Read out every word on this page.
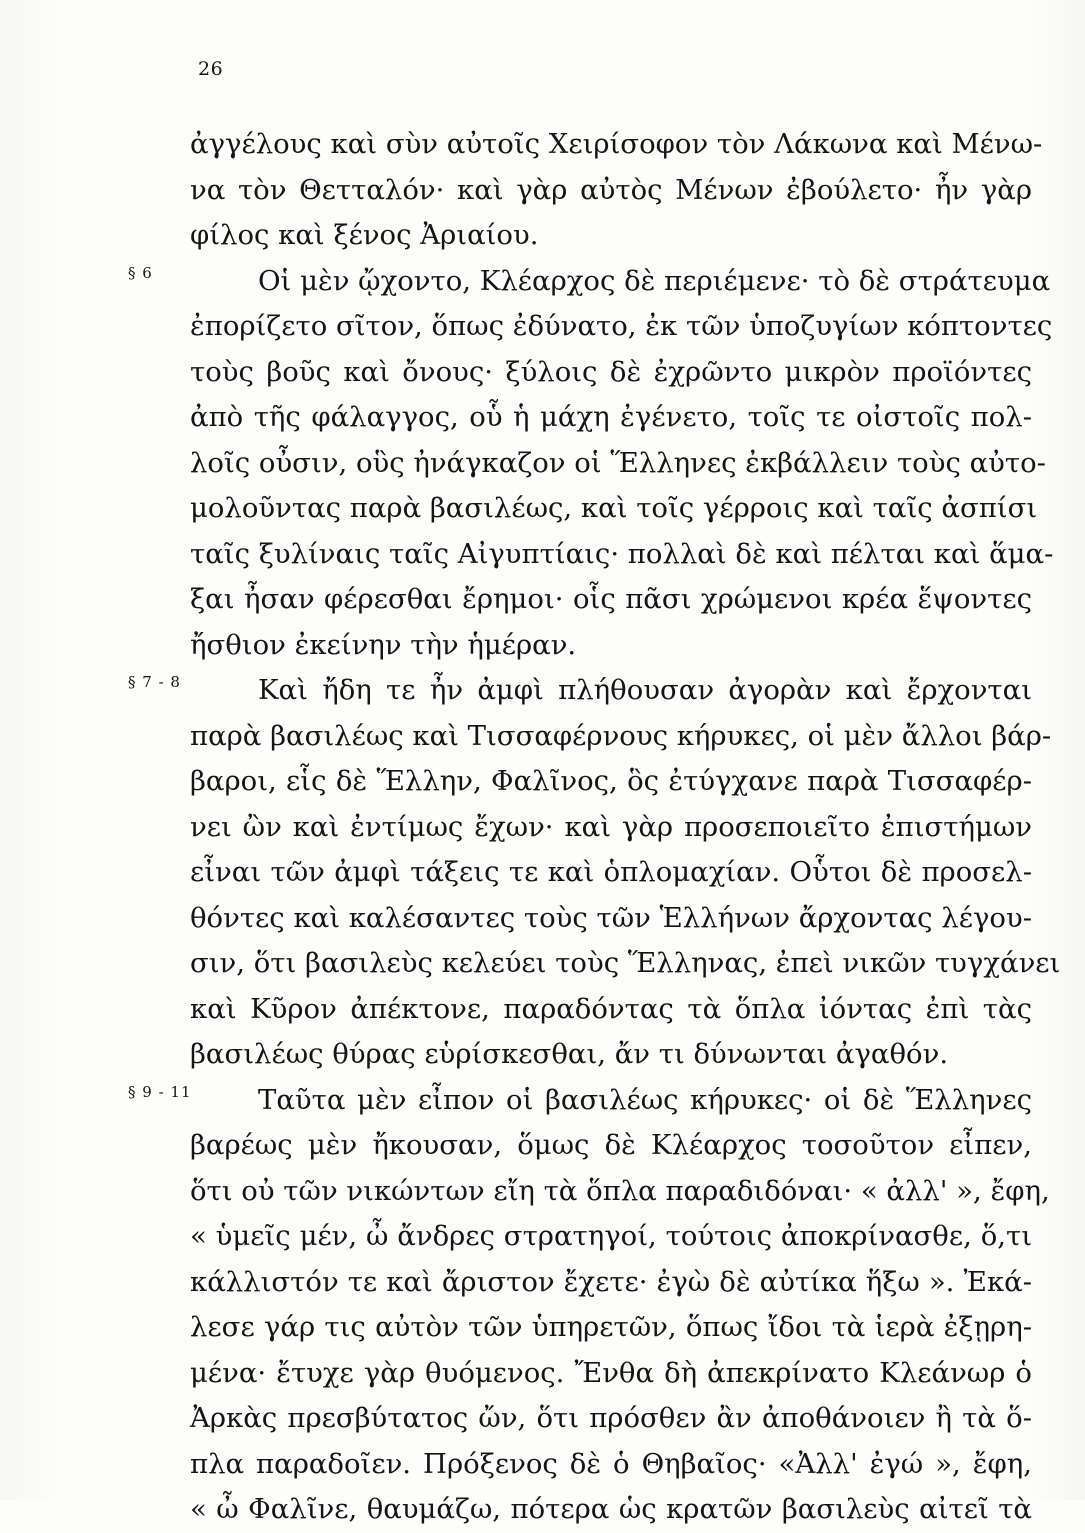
26
ἀγγέλους καὶ σὺν αὐτοῖς Χειρίσοφον τὸν Λάκωνα καὶ Μένω-
να τὸν Θετταλόν· καὶ γὰρ αὐτὸς Μένων ἐβούλετο· ἦν γὰρ
φίλος καὶ ξένος Ἀριαίου.
§ 6	Οἱ μὲν ᾤχοντο, Κλέαρχος δὲ περιέμενε· τὸ δὲ στράτευμα
ἐπορίζετο σῖτον, ὅπως ἐδύνατο, ἐκ τῶν ὑποζυγίων κόπτοντες
τοὺς βοῦς καὶ ὄνους· ξύλοις δὲ ἐχρῶντο μικρὸν προϊόντες
ἀπὸ τῆς φάλαγγος, οὗ ἡ μάχη ἐγένετο, τοῖς τε οἰστοῖς πολ-
λοῖς οὖσιν, οὓς ἠνάγκαζον οἱ Ἕλληνες ἐκβάλλειν τοὺς αὐτο-
μολοῦντας παρὰ βασιλέως, καὶ τοῖς γέρροις καὶ ταῖς ἀσπίσι
ταῖς ξυλίναις ταῖς Αἰγυπτίαις· πολλαὶ δὲ καὶ πέλται καὶ ἅμα-
ξαι ἦσαν φέρεσθαι ἔρημοι· οἷς πᾶσι χρώμενοι κρέα ἕψοντες
ἤσθιον ἐκείνην τὴν ἡμέραν.
§ 7 - 8	Καὶ ἤδη τε ἦν ἀμφὶ πλήθουσαν ἀγορὰν καὶ ἔρχονται
παρὰ βασιλέως καὶ Τισσαφέρνους κήρυκες, οἱ μὲν ἄλλοι βάρ-
βαροι, εἷς δὲ Ἕλλην, Φαλῖνος, ὃς ἐτύγχανε παρὰ Τισσαφέρ-
νει ὢν καὶ ἐντίμως ἔχων· καὶ γὰρ προσεποιεῖτο ἐπιστήμων
εἶναι τῶν ἀμφὶ τάξεις τε καὶ ὁπλομαχίαν. Οὗτοι δὲ προσελ-
θόντες καὶ καλέσαντες τοὺς τῶν Ἑλλήνων ἄρχοντας λέγου-
σιν, ὅτι βασιλεὺς κελεύει τοὺς Ἕλληνας, ἐπεὶ νικῶν τυγχάνει
καὶ Κῦρον ἀπέκτονε, παραδόντας τὰ ὅπλα ἰόντας ἐπὶ τὰς
βασιλέως θύρας εὑρίσκεσθαι, ἄν τι δύνωνται ἀγαθόν.
§ 9 - 11 Ταῦτα μὲν εἶπον οἱ βασιλέως κήρυκες· οἱ δὲ Ἕλληνες
βαρέως μὲν ἤκουσαν, ὅμως δὲ Κλέαρχος τοσοῦτον εἶπεν,
ὅτι οὐ τῶν νικώντων εἴη τὰ ὅπλα παραδιδόναι· « ἀλλ' », ἔφη,
« ὑμεῖς μέν, ὦ ἄνδρες στρατηγοί, τούτοις ἀποκρίνασθε, ὅ,τι
κάλλιστόν τε καὶ ἄριστον ἔχετε· ἐγὼ δὲ αὐτίκα ἥξω ». Ἐκά-
λεσε γάρ τις αὐτὸν τῶν ὑπηρετῶν, ὅπως ἴδοι τὰ ἱερὰ ἐξῃρη-
μένα· ἔτυχε γὰρ θυόμενος. Ἔνθα δὴ ἀπεκρίνατο Κλεάνωρ ὁ
Ἀρκὰς πρεσβύτατος ὤν, ὅτι πρόσθεν ἂν ἀποθάνοιεν ἢ τὰ ὅ-
πλα παραδοῖεν. Πρόξενος δὲ ὁ Θηβαῖος· «Ἀλλ' ἐγώ », ἔφη,
« ὦ Φαλῖνε, θαυμάζω, πότερα ὡς κρατῶν βασιλεὺς αἰτεῖ τὰ
